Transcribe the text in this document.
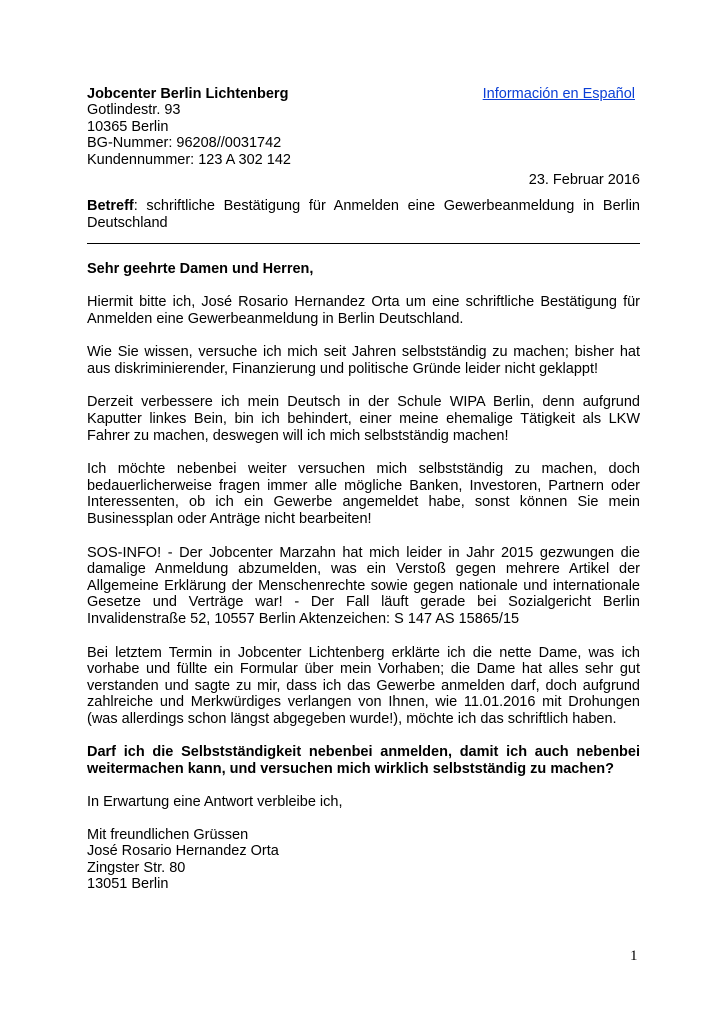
Jobcenter Berlin Lichtenberg	Información en Español
Gotlindestr. 93
10365 Berlin
BG-Nummer: 96208//0031742
Kundennummer: 123 A 302 142
23. Februar 2016
Betreff: schriftliche Bestätigung für Anmelden eine Gewerbeanmeldung in Berlin Deutschland
Sehr geehrte Damen und Herren,
Hiermit bitte ich, José Rosario Hernandez Orta um eine schriftliche Bestätigung für Anmelden eine Gewerbeanmeldung in Berlin Deutschland.
Wie Sie wissen, versuche ich mich seit Jahren selbstständig zu machen; bisher hat aus diskriminierender, Finanzierung und politische Gründe leider nicht geklappt!
Derzeit verbessere ich mein Deutsch in der Schule WIPA Berlin, denn aufgrund Kaputter linkes Bein, bin ich behindert, einer meine ehemalige Tätigkeit als LKW Fahrer zu machen, deswegen will ich mich selbstständig machen!
Ich möchte nebenbei weiter versuchen mich selbstständig zu machen, doch bedauerlicherweise fragen immer alle mögliche Banken, Investoren, Partnern oder Interessenten, ob ich ein Gewerbe angemeldet habe, sonst können Sie mein Businessplan oder Anträge nicht bearbeiten!
SOS-INFO! - Der Jobcenter Marzahn hat mich leider in Jahr 2015 gezwungen die damalige Anmeldung abzumelden, was ein Verstoß gegen mehrere Artikel der Allgemeine Erklärung der Menschenrechte sowie gegen nationale und internationale Gesetze und Verträge war! - Der Fall läuft gerade bei Sozialgericht Berlin Invalidenstraße 52, 10557 Berlin Aktenzeichen: S 147 AS 15865/15
Bei letztem Termin in Jobcenter Lichtenberg erklärte ich die nette Dame, was ich vorhabe und füllte ein Formular über mein Vorhaben; die Dame hat alles sehr gut verstanden und sagte zu mir, dass ich das Gewerbe anmelden darf, doch aufgrund zahlreiche und Merkwürdiges verlangen von Ihnen, wie 11.01.2016 mit Drohungen (was allerdings schon längst abgegeben wurde!), möchte ich das schriftlich haben.
Darf ich die Selbstständigkeit nebenbei anmelden, damit ich auch nebenbei weitermachen kann, und versuchen mich wirklich selbstständig zu machen?
In Erwartung eine Antwort verbleibe ich,
Mit freundlichen Grüssen
José Rosario Hernandez Orta
Zingster Str. 80
13051 Berlin
1
